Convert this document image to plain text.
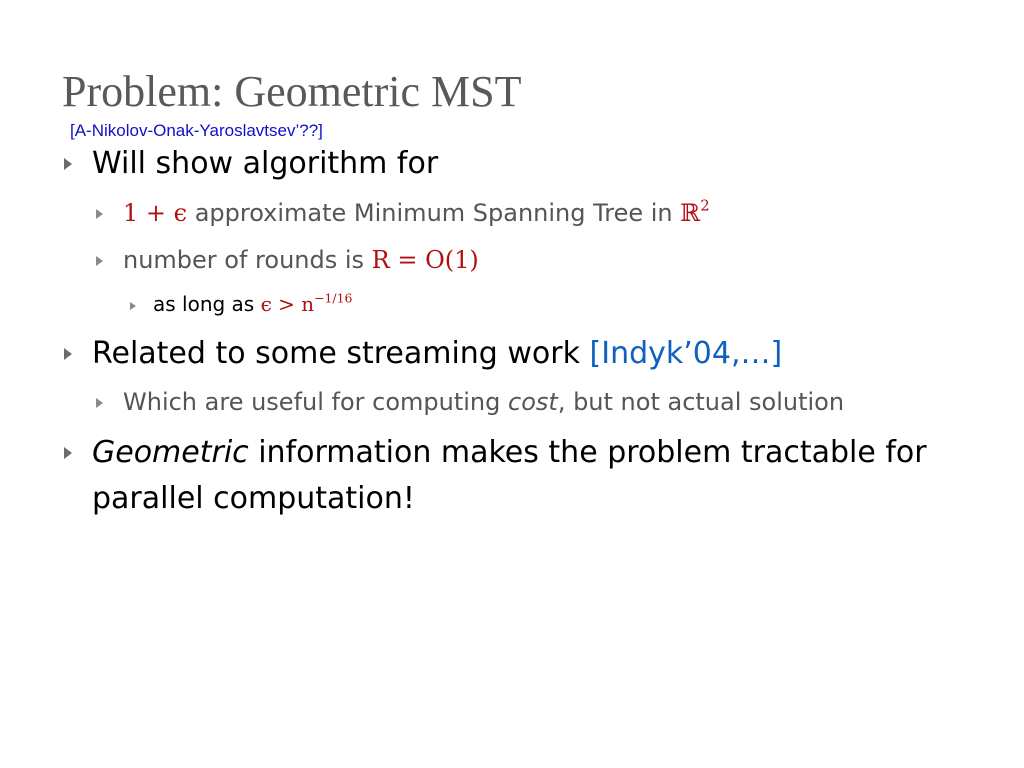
Problem: Geometric MST
[A-Nikolov-Onak-Yaroslavtsev’??]
Will show algorithm for
1 + ϵ approximate Minimum Spanning Tree in ℝ$^2$
number of rounds is R = O(1)
as long as $\epsilon > n^{-1/16}$
Related to some streaming work [Indyk’04,…]
Which are useful for computing cost, but not actual solution
Geometric information makes the problem tractable for
parallel computation!
